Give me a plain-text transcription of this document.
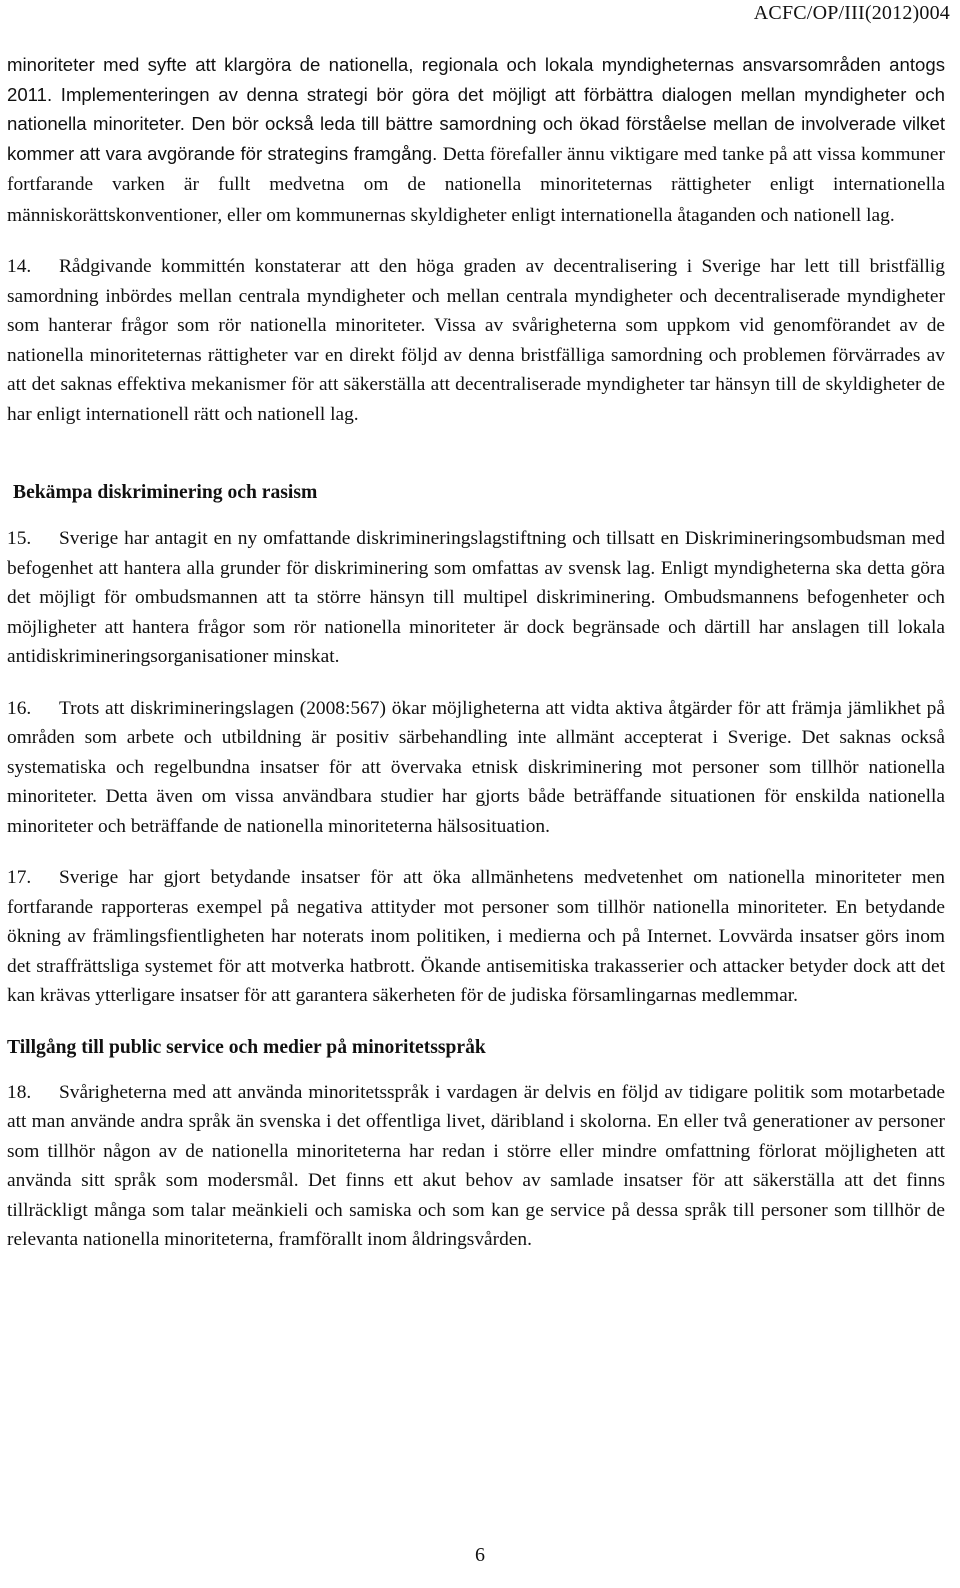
ACFC/OP/III(2012)004

minoriteter med syfte att klargöra de nationella, regionala och lokala myndigheternas ansvarsområden antogs 2011. Implementeringen av denna strategi bör göra det möjligt att förbättra dialogen mellan myndigheter och nationella minoriteter. Den bör också leda till bättre samordning och ökad förståelse mellan de involverade vilket kommer att vara avgörande för strategins framgång. Detta förefaller ännu viktigare med tanke på att vissa kommuner fortfarande varken är fullt medvetna om de nationella minoriteternas rättigheter enligt internationella människorättskonventioner, eller om kommunernas skyldigheter enligt internationella åtaganden och nationell lag.

14. Rådgivande kommittén konstaterar att den höga graden av decentralisering i Sverige har lett till bristfällig samordning inbördes mellan centrala myndigheter och mellan centrala myndigheter och decentraliserade myndigheter som hanterar frågor som rör nationella minoriteter. Vissa av svårigheterna som uppkom vid genomförandet av de nationella minoriteternas rättigheter var en direkt följd av denna bristfälliga samordning och problemen förvärrades av att det saknas effektiva mekanismer för att säkerställa att decentraliserade myndigheter tar hänsyn till de skyldigheter de har enligt internationell rätt och nationell lag.

Bekämpa diskriminering och rasism

15. Sverige har antagit en ny omfattande diskrimineringslagstiftning och tillsatt en Diskrimineringsombudsman med befogenhet att hantera alla grunder för diskriminering som omfattas av svensk lag. Enligt myndigheterna ska detta göra det möjligt för ombudsmannen att ta större hänsyn till multipel diskriminering. Ombudsmannens befogenheter och möjligheter att hantera frågor som rör nationella minoriteter är dock begränsade och därtill har anslagen till lokala antidiskrimineringsorganisationer minskat.

16. Trots att diskrimineringslagen (2008:567) ökar möjligheterna att vidta aktiva åtgärder för att främja jämlikhet på områden som arbete och utbildning är positiv särbehandling inte allmänt accepterat i Sverige. Det saknas också systematiska och regelbundna insatser för att övervaka etnisk diskriminering mot personer som tillhör nationella minoriteter. Detta även om vissa användbara studier har gjorts både beträffande situationen för enskilda nationella minoriteter och beträffande de nationella minoriteterna hälsosituation.

17. Sverige har gjort betydande insatser för att öka allmänhetens medvetenhet om nationella minoriteter men fortfarande rapporteras exempel på negativa attityder mot personer som tillhör nationella minoriteter. En betydande ökning av främlingsfientligheten har noterats inom politiken, i medierna och på Internet. Lovvärda insatser görs inom det straffrättsliga systemet för att motverka hatbrott. Ökande antisemitiska trakasserier och attacker betyder dock att det kan krävas ytterligare insatser för att garantera säkerheten för de judiska församlingarnas medlemmar.

Tillgång till public service och medier på minoritetsspråk

18. Svårigheterna med att använda minoritetsspråk i vardagen är delvis en följd av tidigare politik som motarbetade att man använde andra språk än svenska i det offentliga livet, däribland i skolorna. En eller två generationer av personer som tillhör någon av de nationella minoriteterna har redan i större eller mindre omfattning förlorat möjligheten att använda sitt språk som modersmål. Det finns ett akut behov av samlade insatser för att säkerställa att det finns tillräckligt många som talar meänkieli och samiska och som kan ge service på dessa språk till personer som tillhör de relevanta nationella minoriteterna, framförallt inom åldringsvården.

6
